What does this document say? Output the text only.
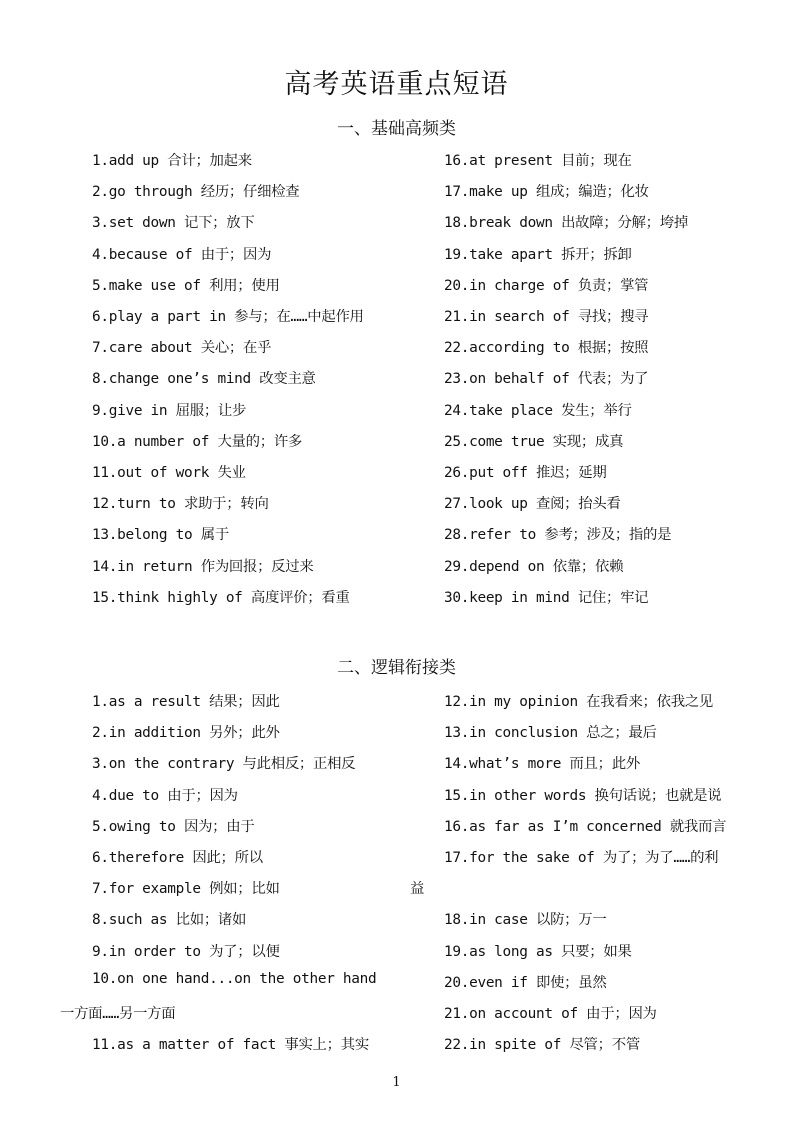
高考英语重点短语
一、基础高频类
1.add up 合计；加起来
2.go through 经历；仔细检查
3.set down 记下；放下
4.because of 由于；因为
5.make use of 利用；使用
6.play a part in 参与；在……中起作用
7.care about 关心；在乎
8.change one’s mind 改变主意
9.give in 屈服；让步
10.a number of 大量的；许多
11.out of work 失业
12.turn to 求助于；转向
13.belong to 属于
14.in return 作为回报；反过来
15.think highly of 高度评价；看重
16.at present 目前；现在
17.make up 组成；编造；化妆
18.break down 出故障；分解；垮掉
19.take apart 拆开；拆卸
20.in charge of 负责；掌管
21.in search of 寻找；搜寻
22.according to 根据；按照
23.on behalf of 代表；为了
24.take place 发生；举行
25.come true 实现；成真
26.put off 推迟；延期
27.look up 查阅；抬头看
28.refer to 参考；涉及；指的是
29.depend on 依靠；依赖
30.keep in mind 记住；牢记
二、逻辑衔接类
1.as a result 结果；因此
2.in addition 另外；此外
3.on the contrary 与此相反；正相反
4.due to 由于；因为
5.owing to 因为；由于
6.therefore 因此；所以
7.for example 例如；比如
8.such as 比如；诸如
9.in order to 为了；以便
10.on one hand...on the other hand
一方面……另一方面
11.as a matter of fact 事实上；其实
12.in my opinion 在我看来；依我之见
13.in conclusion 总之；最后
14.what’s more 而且；此外
15.in other words 换句话说；也就是说
16.as far as I’m concerned 就我而言
17.for the sake of 为了；为了……的利
益
18.in case 以防；万一
19.as long as 只要；如果
20.even if 即使；虽然
21.on account of 由于；因为
22.in spite of 尽管；不管
1
